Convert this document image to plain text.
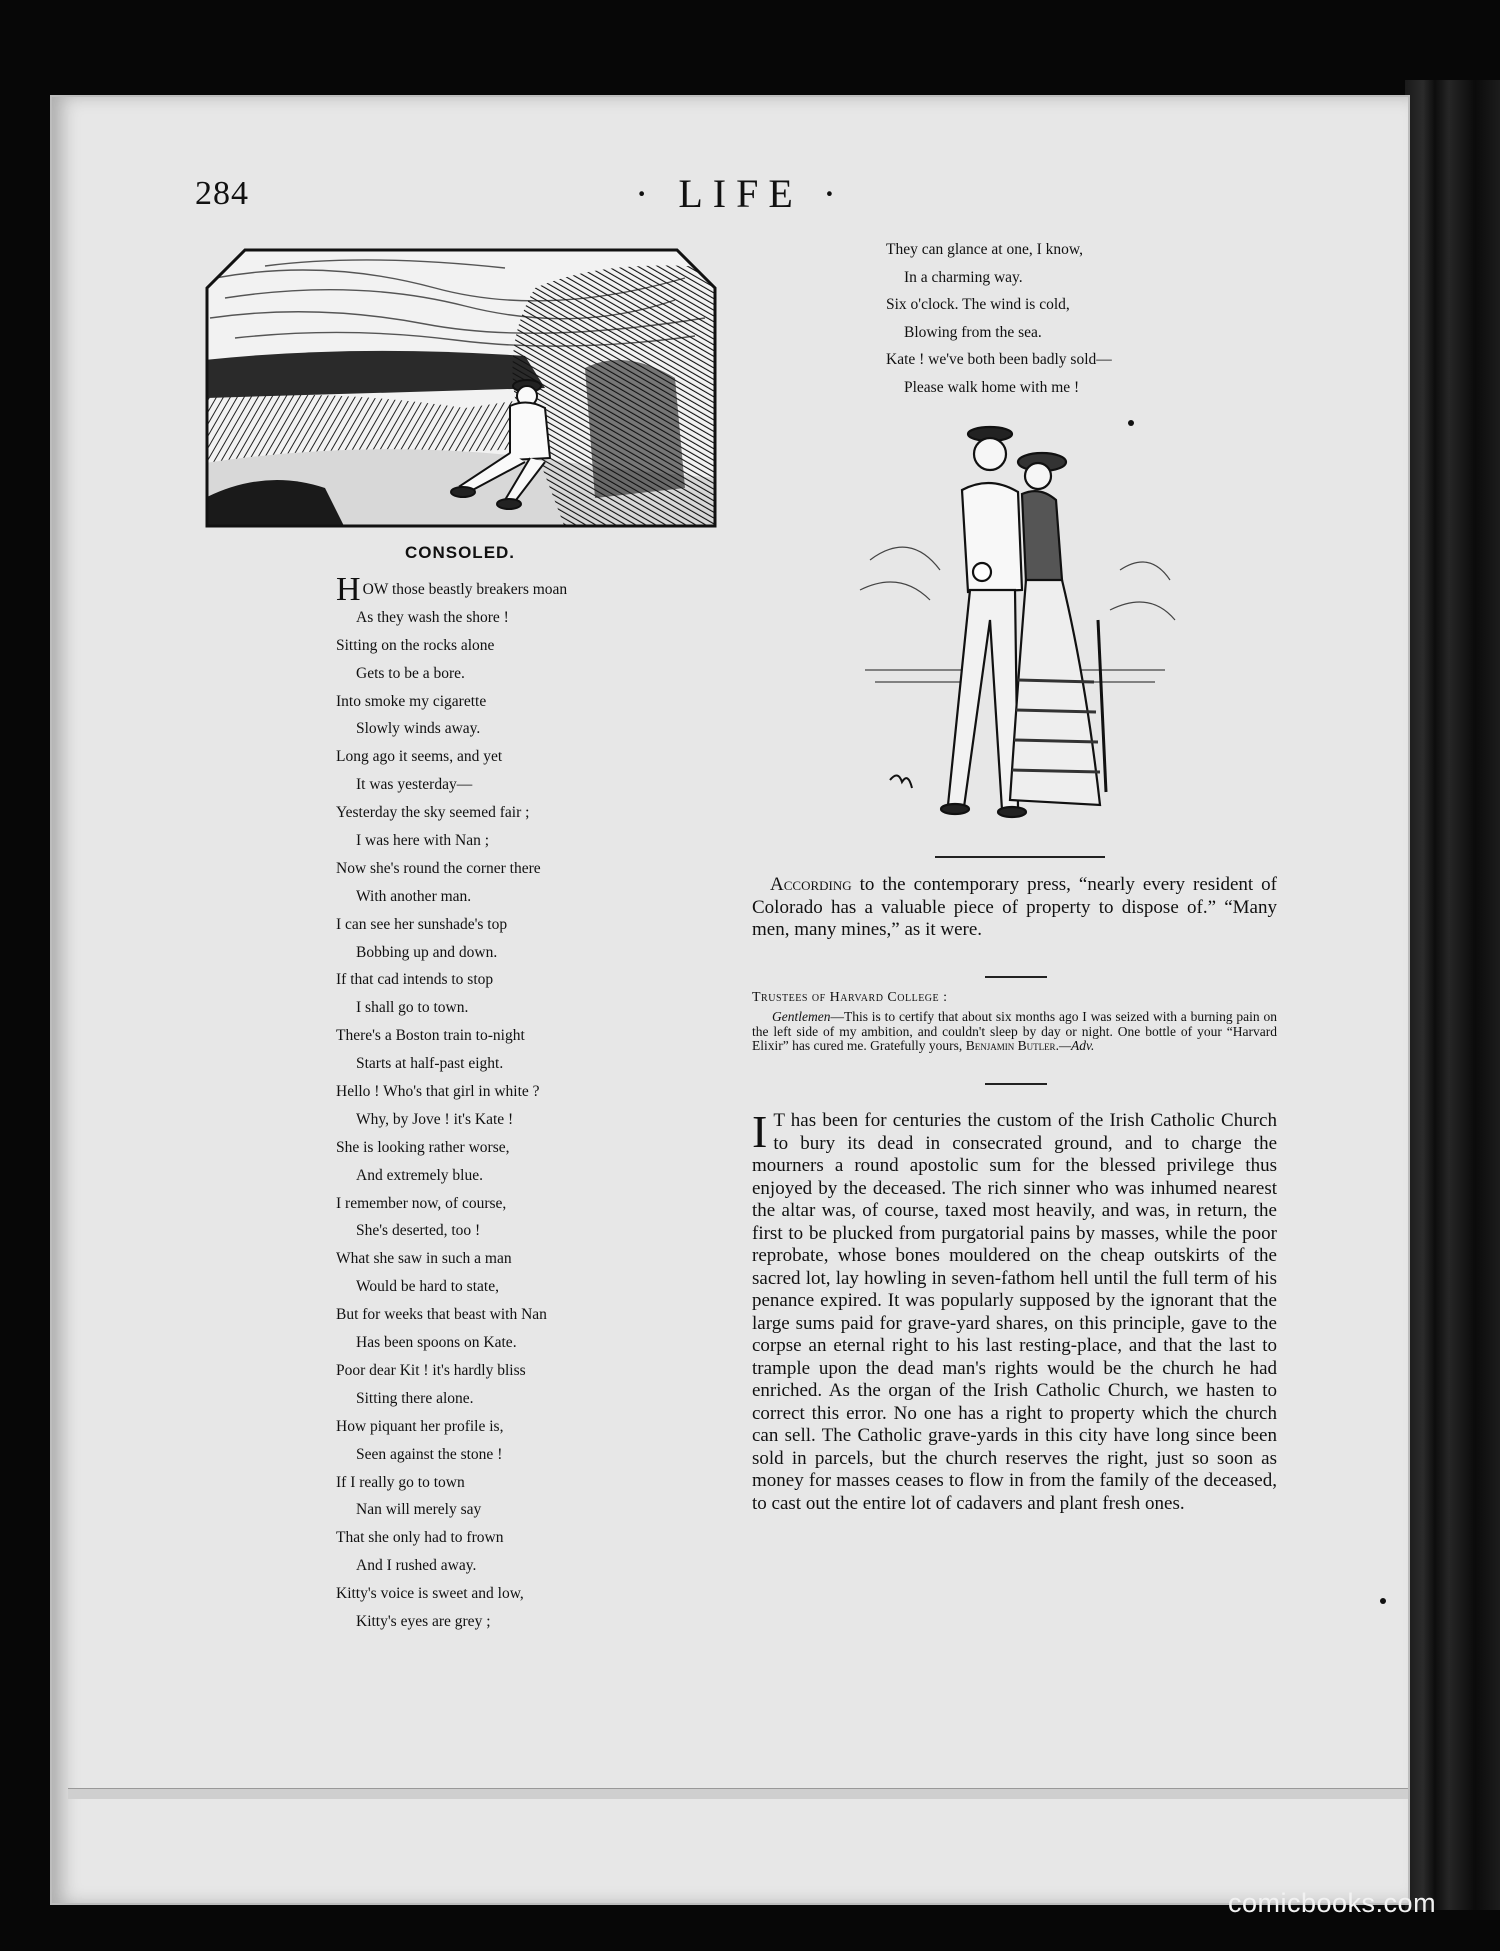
284	· LIFE ·
CONSOLED.
HOW those beastly breakers moan
As they wash the shore !
Sitting on the rocks alone
Gets to be a bore.
Into smoke my cigarette
Slowly winds away.
Long ago it seems, and yet
It was yesterday—
Yesterday the sky seemed fair ;
I was here with Nan ;
Now she's round the corner there
With another man.
I can see her sunshade's top
Bobbing up and down.
If that cad intends to stop
I shall go to town.
There's a Boston train to-night
Starts at half-past eight.
Hello ! Who's that girl in white ?
Why, by Jove ! it's Kate !
She is looking rather worse,
And extremely blue.
I remember now, of course,
She's deserted, too !
What she saw in such a man
Would be hard to state,
But for weeks that beast with Nan
Has been spoons on Kate.
Poor dear Kit ! it's hardly bliss
Sitting there alone.
How piquant her profile is,
Seen against the stone !
If I really go to town
Nan will merely say
That she only had to frown
And I rushed away.
Kitty's voice is sweet and low,
Kitty's eyes are grey ;
They can glance at one, I know,
In a charming way.
Six o'clock. The wind is cold,
Blowing from the sea.
Kate ! we've both been badly sold—
Please walk home with me !

According to the contemporary press, “nearly every resident of Colorado has a valuable piece of property to dispose of.” “Many men, many mines,” as it were.

Trustees of Harvard College :

Gentlemen—This is to certify that about six months ago I was seized with a burning pain on the left side of my ambition, and couldn't sleep by day or night. One bottle of your “Harvard Elixir” has cured me. Gratefully yours, Benjamin Butler.—Adv.

I T has been for centuries the custom of the Irish Catholic Church to bury its dead in consecrated ground, and to charge the mourners a round apostolic sum for the blessed privilege thus enjoyed by the deceased. The rich sinner who was inhumed nearest the altar was, of course, taxed most heavily, and was, in return, the first to be plucked from purgatorial pains by masses, while the poor reprobate, whose bones mouldered on the cheap outskirts of the sacred lot, lay howling in seven-fathom hell until the full term of his penance expired. It was popularly supposed by the ignorant that the large sums paid for grave-yard shares, on this principle, gave to the corpse an eternal right to his last resting-place, and that the last to trample upon the dead man's rights would be the church he had enriched. As the organ of the Irish Catholic Church, we hasten to correct this error. No one has a right to property which the church can sell. The Catholic grave-yards in this city have long since been sold in parcels, but the church reserves the right, just so soon as money for masses ceases to flow in from the family of the deceased, to cast out the entire lot of cadavers and plant fresh ones.

comicbooks.com
